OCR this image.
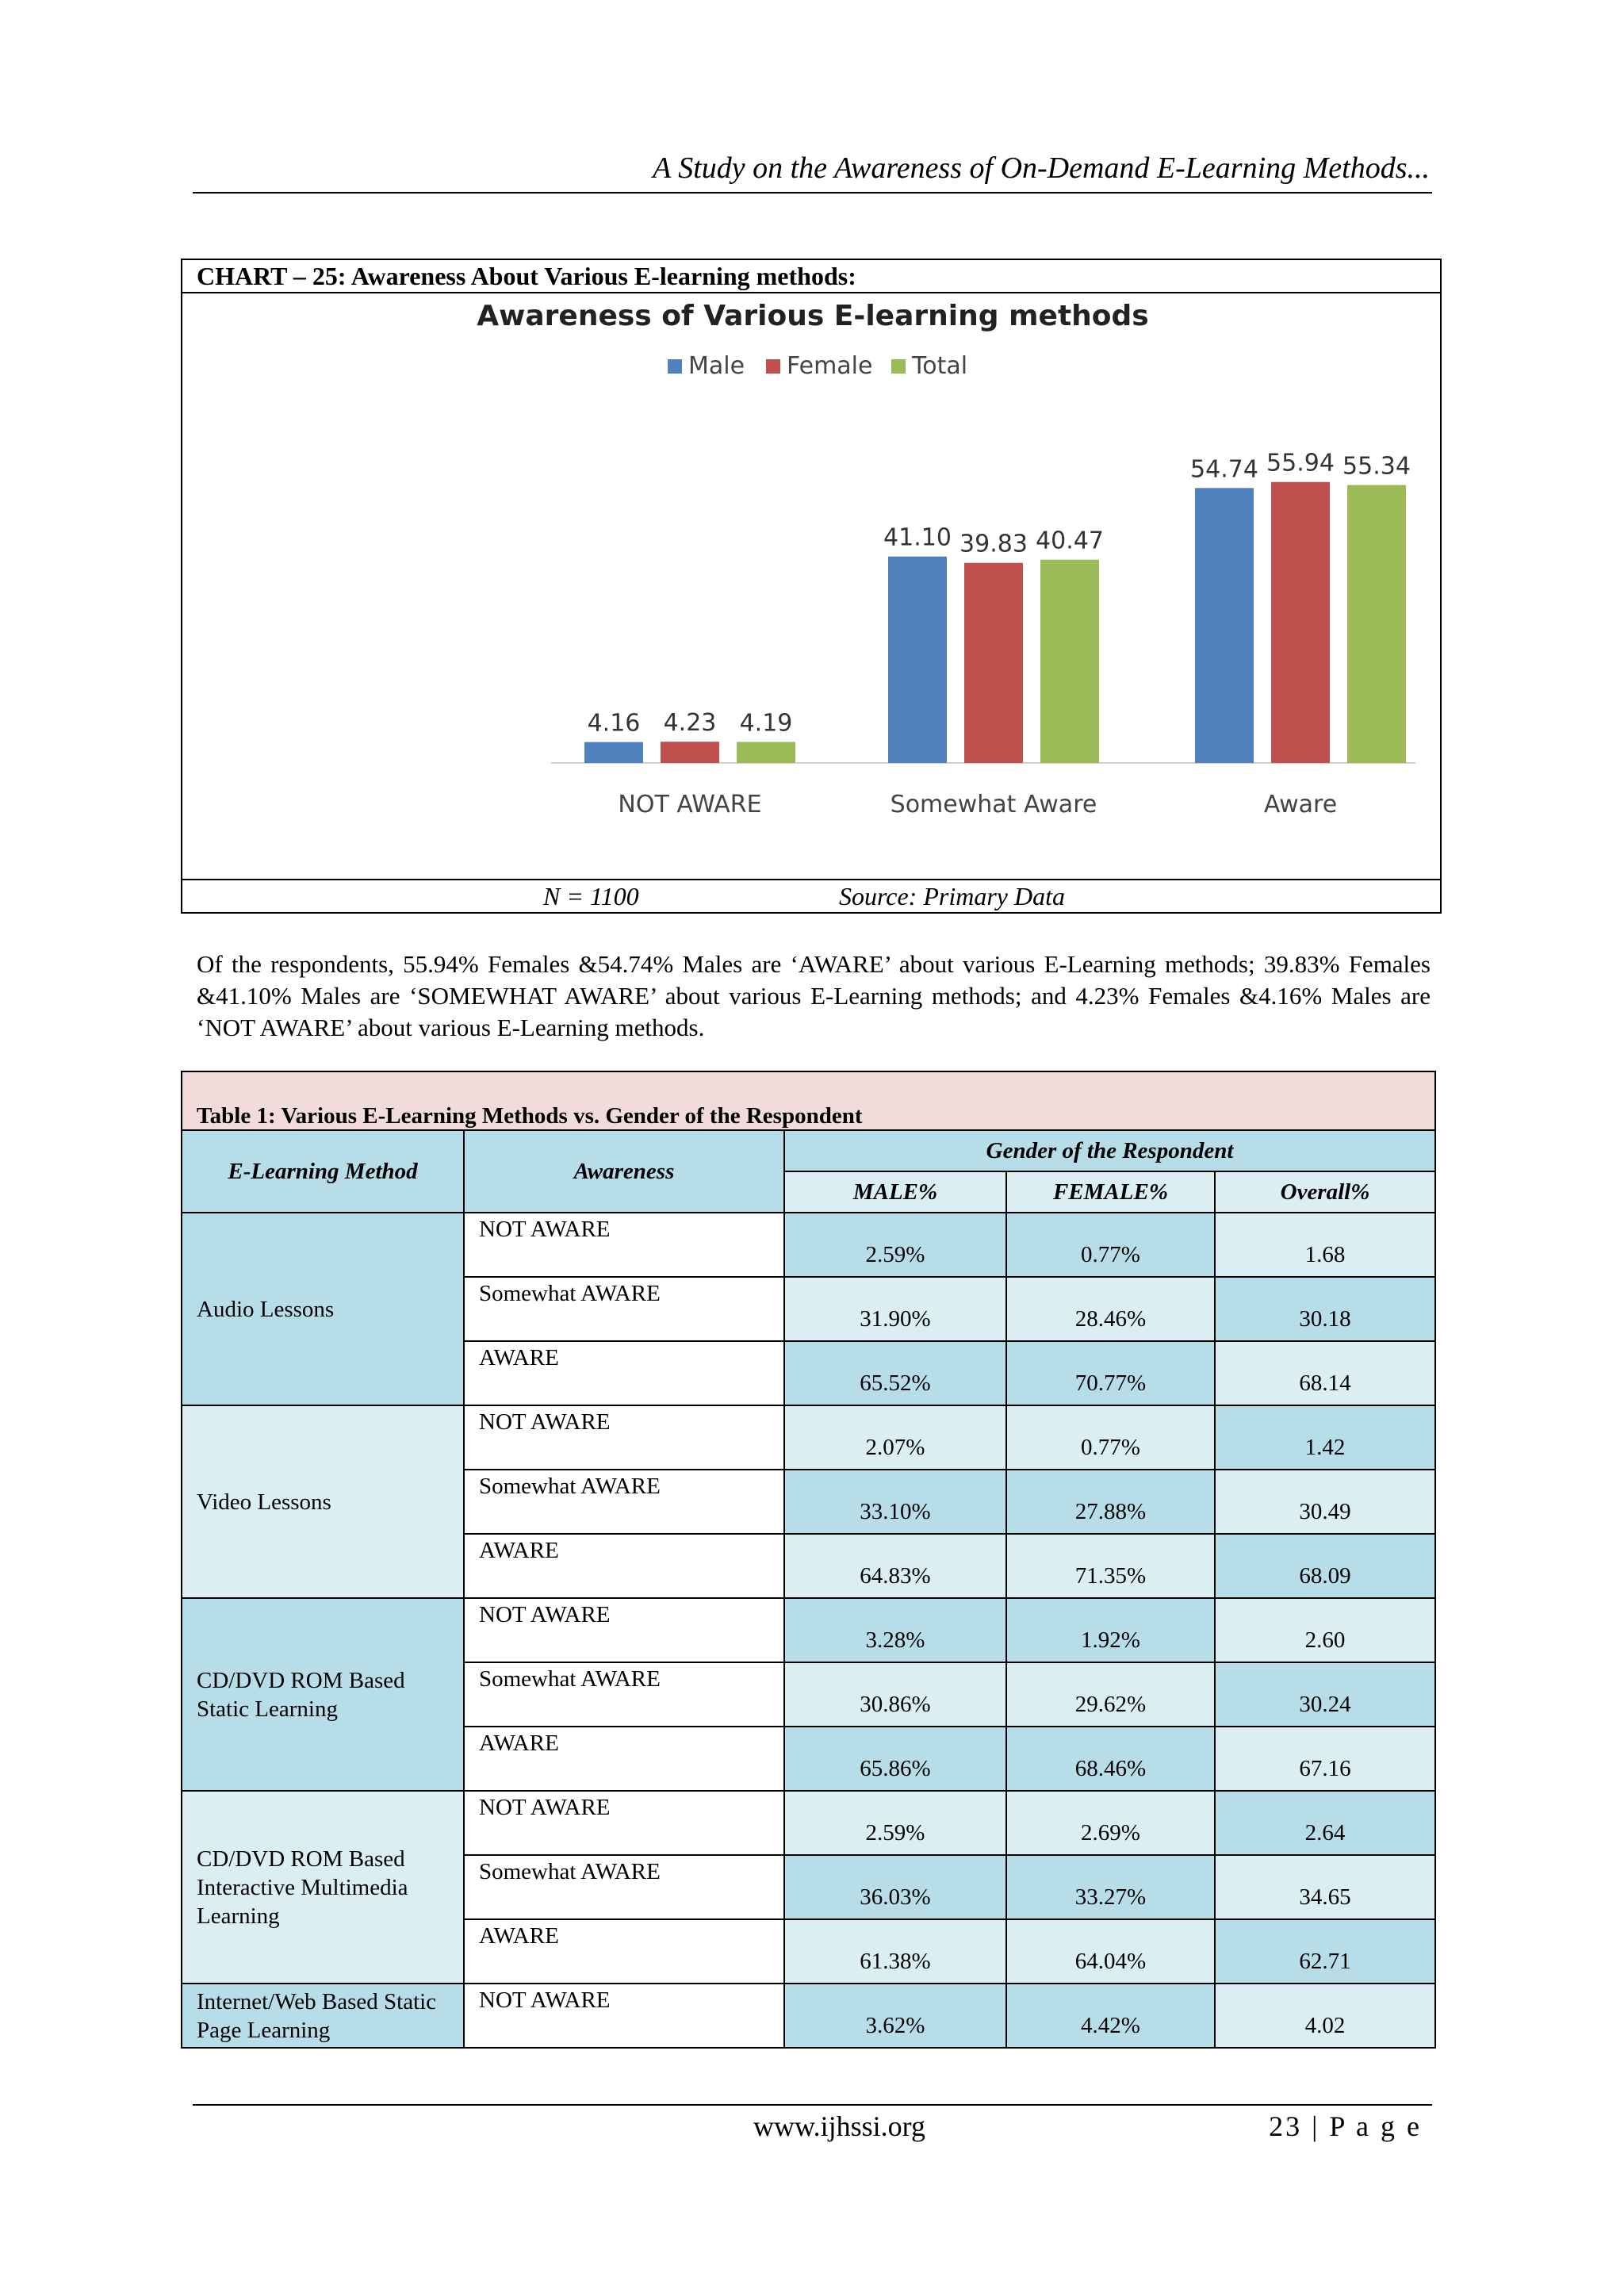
A Study on the Awareness of On-Demand E-Learning Methods...
CHART – 25: Awareness About Various E-learning methods:
Awareness of Various E-learning methods
Male Female Total
4.16 4.23 4.19
NOT AWARE
41.10 39.83 40.47
Somewhat Aware
54.74 55.94 55.34
Aware
N = 1100	Source: Primary Data
Of the respondents, 55.94% Females &54.74% Males are ‘AWARE’ about various E-Learning methods; 39.83% Females &41.10% Males are ‘SOMEWHAT AWARE’ about various E-Learning methods; and 4.23% Females &4.16% Males are ‘NOT AWARE’ about various E-Learning methods.
Table 1: Various E-Learning Methods vs. Gender of the Respondent				
E-Learning Method	Awareness	Gender of the Respondent		
		MALE%	FEMALE%	Overall%
Audio Lessons	NOT AWARE	2.59%	0.77%	1.68
	Somewhat AWARE	31.90%	28.46%	30.18
	AWARE	65.52%	70.77%	68.14
Video Lessons	NOT AWARE	2.07%	0.77%	1.42
	Somewhat AWARE	33.10%	27.88%	30.49
	AWARE	64.83%	71.35%	68.09
CD/DVD ROM Based Static Learning	NOT AWARE	3.28%	1.92%	2.60
	Somewhat AWARE	30.86%	29.62%	30.24
	AWARE	65.86%	68.46%	67.16
CD/DVD ROM Based Interactive Multimedia Learning	NOT AWARE	2.59%	2.69%	2.64
	Somewhat AWARE	36.03%	33.27%	34.65
	AWARE	61.38%	64.04%	62.71
Internet/Web Based Static Page Learning	NOT AWARE	3.62%	4.42%	4.02
www.ijhssi.org	23 | P a g e
